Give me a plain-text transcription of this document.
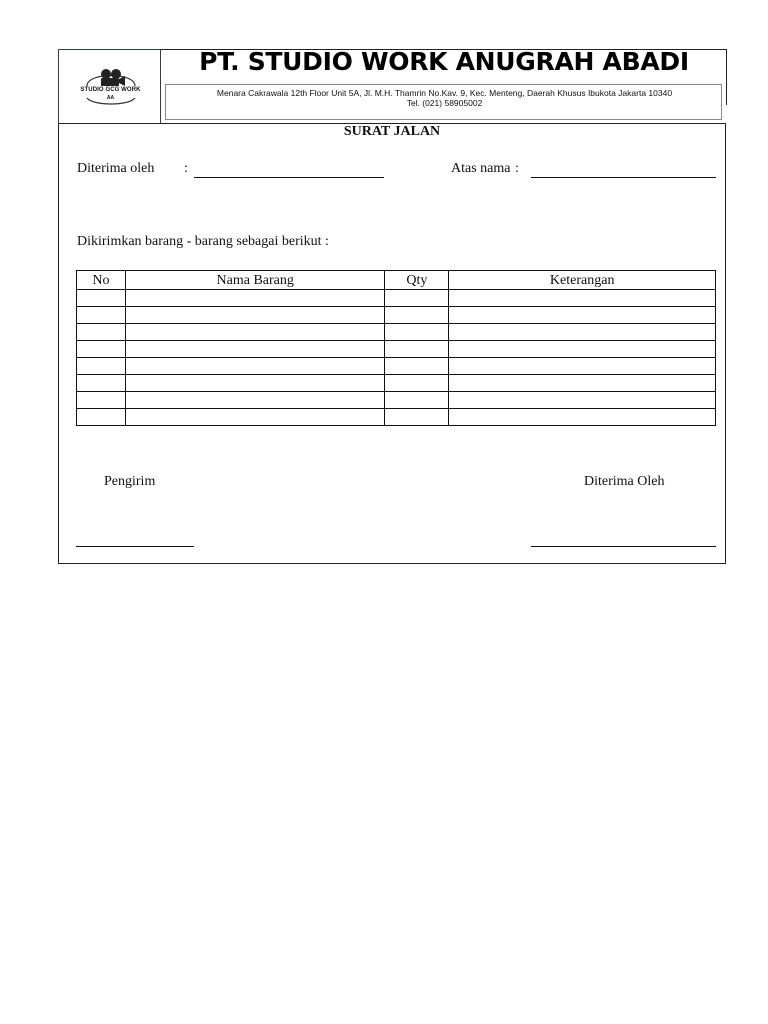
STUDIO GCG WORK
AA
PT. STUDIO WORK ANUGRAH ABADI
Menara Cakrawala 12th Floor Unit 5A, Jl. M.H. Thamrin No.Kav. 9, Kec. Menteng, Daerah Khusus Ibukota Jakarta 10340
Tel. (021) 58905002
SURAT JALAN
Diterima oleh :	Atas nama :
Dikirimkan barang - barang sebagai berikut :
No	Nama Barang	Qty	Keterangan

Pengirim	Diterima Oleh
